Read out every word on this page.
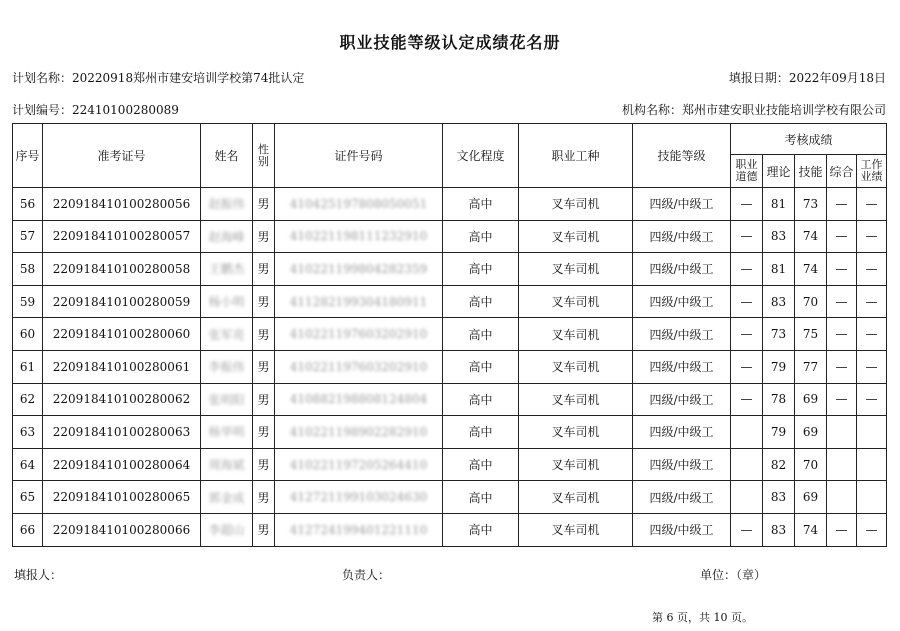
职业技能等级认定成绩花名册
计划名称：20220918郑州市建安培训学校第74批认定	填报日期：2022年09月18日
计划编号：22410100280089	机构名称：郑州市建安职业技能培训学校有限公司
序号	准考证号	姓名	性别	证件号码	文化程度	职业工种	技能等级	考核成绩				
								职业道德	理论	技能	综合	工作业绩
56	220918410100280056	赵振伟	男	410425197808050051	高中	叉车司机	四级/中级工	—	81	73	—	—
57	220918410100280057	赵海峰	男	410221198111232910	高中	叉车司机	四级/中级工	—	83	74	—	—
58	220918410100280058	王鹏杰	男	410221199804282359	高中	叉车司机	四级/中级工	—	81	74	—	—
59	220918410100280059	杨小明	男	411282199304180911	高中	叉车司机	四级/中级工	—	83	70	—	—
60	220918410100280060	张军亮	男	410221197603202910	高中	叉车司机	四级/中级工	—	73	75	—	—
61	220918410100280061	李振伟	男	410221197603202910	高中	叉车司机	四级/中级工	—	79	77	—	—
62	220918410100280062	张明阳	男	410882198808124804	高中	叉车司机	四级/中级工	—	78	69	—	—
63	220918410100280063	杨华明	男	410221198902282910	高中	叉车司机	四级/中级工		79	69		
64	220918410100280064	周海斌	男	410221197205264410	高中	叉车司机	四级/中级工		82	70		
65	220918410100280065	郭金成	男	412721199103024630	高中	叉车司机	四级/中级工		83	69		
66	220918410100280066	李超山	男	412724199401221110	高中	叉车司机	四级/中级工	—	83	74	—	—
填报人：	负责人：	单位：（章）
第 6 页，共 10 页。
